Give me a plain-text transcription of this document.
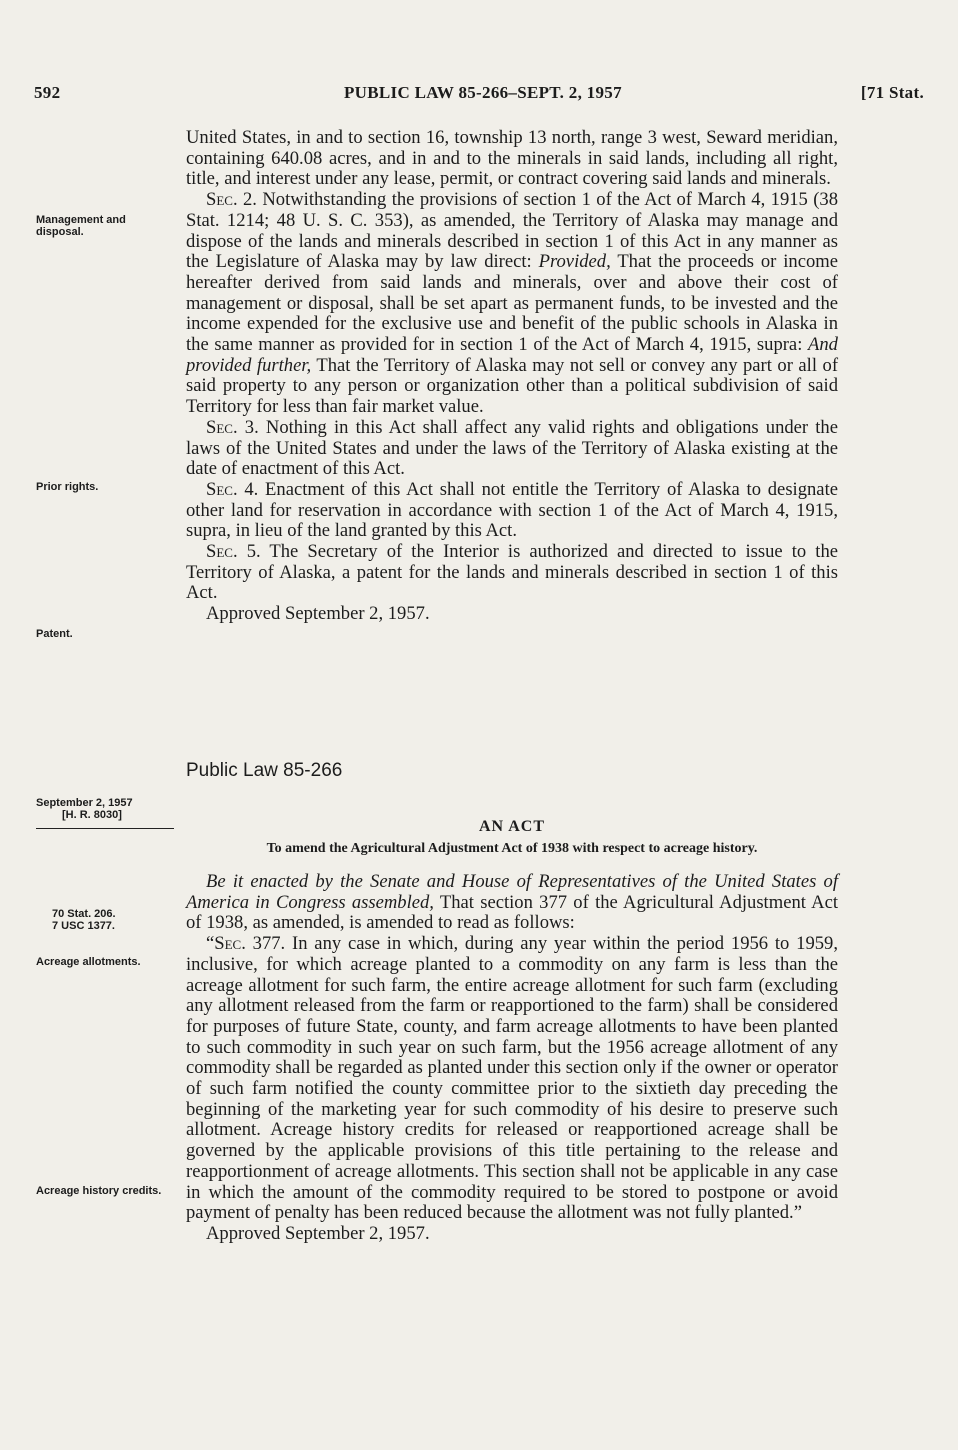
592	PUBLIC LAW 85-266–SEPT. 2, 1957	[71 Stat.
Management and disposal.
Prior rights.
Patent.
September 2, 1957
[H. R. 8030]
70 Stat. 206.
7 USC 1377.
Acreage allotments.
Acreage history credits.

United States, in and to section 16, township 13 north, range 3 west, Seward meridian, containing 640.08 acres, and in and to the minerals in said lands, including all right, title, and interest under any lease, permit, or contract covering said lands and minerals.

Sec. 2. Notwithstanding the provisions of section 1 of the Act of March 4, 1915 (38 Stat. 1214; 48 U. S. C. 353), as amended, the Territory of Alaska may manage and dispose of the lands and minerals described in section 1 of this Act in any manner as the Legislature of Alaska may by law direct: Provided, That the proceeds or income hereafter derived from said lands and minerals, over and above their cost of management or disposal, shall be set apart as permanent funds, to be invested and the income expended for the exclusive use and benefit of the public schools in Alaska in the same manner as provided for in section 1 of the Act of March 4, 1915, supra: And provided further, That the Territory of Alaska may not sell or convey any part or all of said property to any person or organization other than a political subdivision of said Territory for less than fair market value.

Sec. 3. Nothing in this Act shall affect any valid rights and obligations under the laws of the United States and under the laws of the Territory of Alaska existing at the date of enactment of this Act.

Sec. 4. Enactment of this Act shall not entitle the Territory of Alaska to designate other land for reservation in accordance with section 1 of the Act of March 4, 1915, supra, in lieu of the land granted by this Act.

Sec. 5. The Secretary of the Interior is authorized and directed to issue to the Territory of Alaska, a patent for the lands and minerals described in section 1 of this Act.

Approved September 2, 1957.

Public Law 85-266
AN ACT
To amend the Agricultural Adjustment Act of 1938 with respect to acreage history.

Be it enacted by the Senate and House of Representatives of the United States of America in Congress assembled, That section 377 of the Agricultural Adjustment Act of 1938, as amended, is amended to read as follows:

“Sec. 377. In any case in which, during any year within the period 1956 to 1959, inclusive, for which acreage planted to a commodity on any farm is less than the acreage allotment for such farm, the entire acreage allotment for such farm (excluding any allotment released from the farm or reapportioned to the farm) shall be considered for purposes of future State, county, and farm acreage allotments to have been planted to such commodity in such year on such farm, but the 1956 acreage allotment of any commodity shall be regarded as planted under this section only if the owner or operator of such farm notified the county committee prior to the sixtieth day preceding the beginning of the marketing year for such commodity of his desire to preserve such allotment. Acreage history credits for released or reapportioned acreage shall be governed by the applicable provisions of this title pertaining to the release and reapportionment of acreage allotments. This section shall not be applicable in any case in which the amount of the commodity required to be stored to postpone or avoid payment of penalty has been reduced because the allotment was not fully planted.”

Approved September 2, 1957.
